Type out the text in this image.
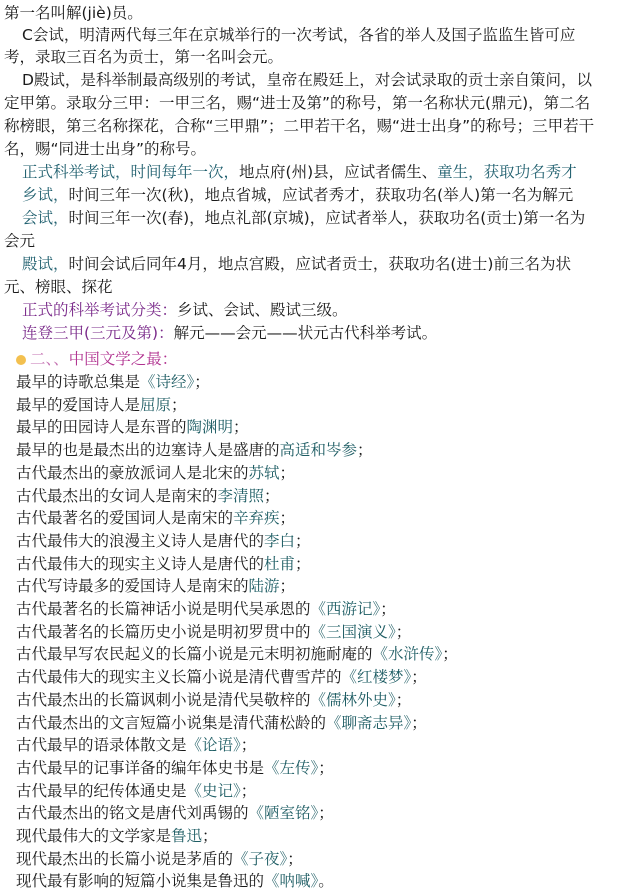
第一名叫解(jiè)员。
C会试，明清两代每三年在京城举行的一次考试，各省的举人及国子监监生皆可应
考，录取三百名为贡士，第一名叫会元。
D殿试，是科举制最高级别的考试，皇帝在殿廷上，对会试录取的贡士亲自策问，以
定甲第。录取分三甲：一甲三名，赐“进士及第”的称号，第一名称状元(鼎元)，第二名
称榜眼，第三名称探花，合称“三甲鼎”；二甲若干名，赐“进士出身”的称号；三甲若干
名，赐“同进士出身”的称号。
正式科举考试，时间每年一次，地点府(州)县，应试者儒生、童生，获取功名秀才
乡试，时间三年一次(秋)，地点省城，应试者秀才，获取功名(举人)第一名为解元
会试，时间三年一次(春)，地点礼部(京城)，应试者举人，获取功名(贡士)第一名为
会元
殿试，时间会试后同年4月，地点宫殿，应试者贡士，获取功名(进士)前三名为状
元、榜眼、探花
正式的科举考试分类：乡试、会试、殿试三级。
连登三甲(三元及第)：解元——会元——状元古代科举考试。
二、、中国文学之最：
最早的诗歌总集是《诗经》；
最早的爱国诗人是屈原；
最早的田园诗人是东晋的陶渊明；
最早的也是最杰出的边塞诗人是盛唐的高适和岑参；
古代最杰出的豪放派词人是北宋的苏轼；
古代最杰出的女词人是南宋的李清照；
古代最著名的爱国词人是南宋的辛弃疾；
古代最伟大的浪漫主义诗人是唐代的李白；
古代最伟大的现实主义诗人是唐代的杜甫；
古代写诗最多的爱国诗人是南宋的陆游；
古代最著名的长篇神话小说是明代吴承恩的《西游记》；
古代最著名的长篇历史小说是明初罗贯中的《三国演义》；
古代最早写农民起义的长篇小说是元末明初施耐庵的《水浒传》；
古代最伟大的现实主义长篇小说是清代曹雪芹的《红楼梦》；
古代最杰出的长篇讽刺小说是清代吴敬梓的《儒林外史》；
古代最杰出的文言短篇小说集是清代蒲松龄的《聊斋志异》；
古代最早的语录体散文是《论语》；
古代最早的记事详备的编年体史书是《左传》；
古代最早的纪传体通史是《史记》；
古代最杰出的铭文是唐代刘禹锡的《陋室铭》；
现代最伟大的文学家是鲁迅；
现代最杰出的长篇小说是茅盾的《子夜》；
现代最有影响的短篇小说集是鲁迅的《呐喊》。
